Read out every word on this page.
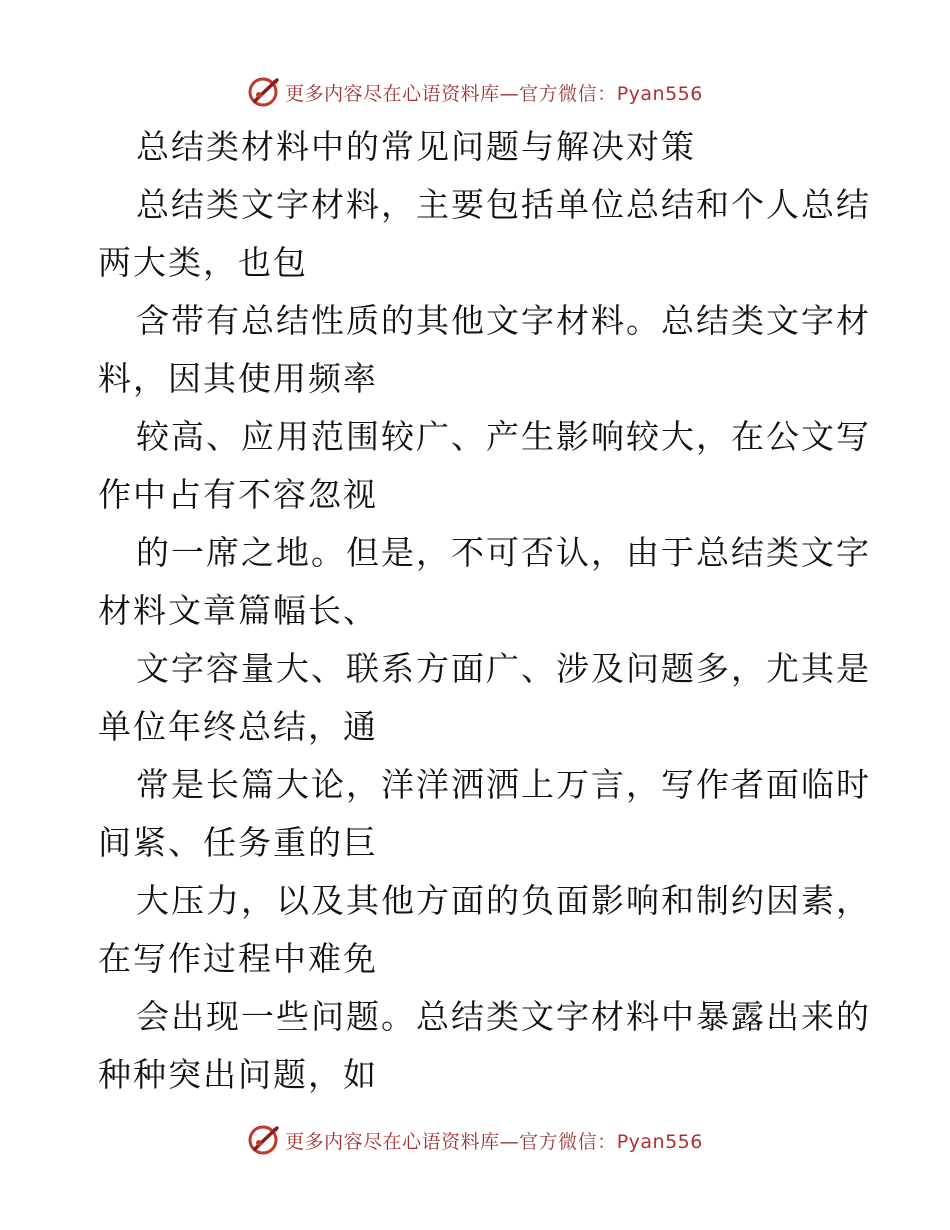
更多内容尽在心语资料库—官方微信：Pyan556
总结类材料中的常见问题与解决对策
总结类文字材料，主要包括单位总结和个人总结
两大类，也包
含带有总结性质的其他文字材料。总结类文字材
料，因其使用频率
较高、应用范围较广、产生影响较大，在公文写
作中占有不容忽视
的一席之地。但是，不可否认，由于总结类文字
材料文章篇幅长、
文字容量大、联系方面广、涉及问题多，尤其是
单位年终总结，通
常是长篇大论，洋洋洒洒上万言，写作者面临时
间紧、任务重的巨
大压力，以及其他方面的负面影响和制约因素，
在写作过程中难免
会出现一些问题。总结类文字材料中暴露出来的
种种突出问题，如
更多内容尽在心语资料库—官方微信：Pyan556
